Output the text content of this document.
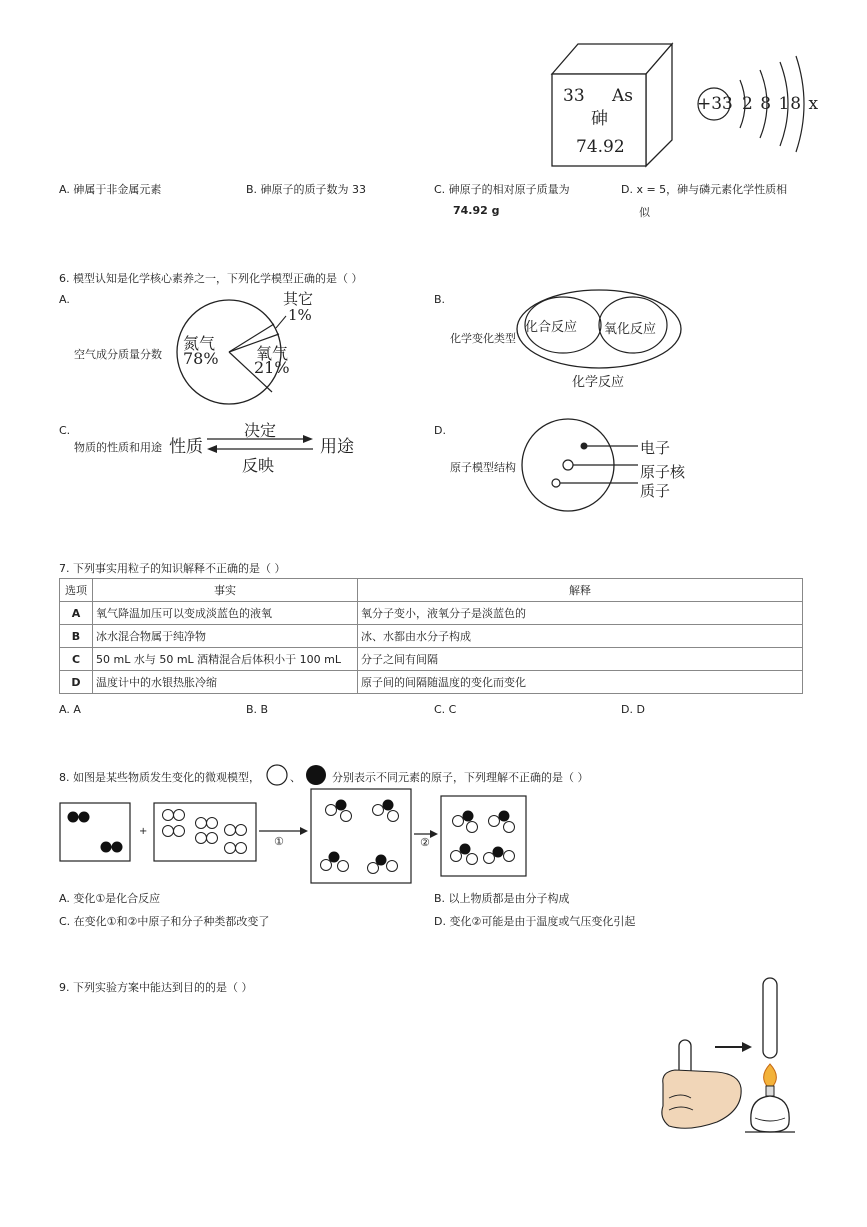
33 As
砷
74.92
+33 2 8 18 x
A. 砷属于非金属元素	B. 砷原子的质子数为 33	C. 砷原子的相对原子质量为
74.92 g
D. x = 5，砷与磷元素化学性质相
似
6. 模型认知是化学核心素养之一，下列化学模型正确的是（ ）
A.
空气成分质量分数
其它
1%
氮气
78% 氧气
21%
B.
化学变化类型
化合反应 氧化反应
化学反应
C.
物质的性质和用途 性质	用途
决定
反映
D.
原子模型结构
电子
原子核
质子
7. 下列事实用粒子的知识解释不正确的是（ ）
选项	事实	解释
A	氧气降温加压可以变成淡蓝色的液氧	氧分子变小，液氧分子是淡蓝色的
B	冰水混合物属于纯净物	冰、水都由水分子构成
C	50 mL 水与 50 mL 酒精混合后体积小于 100 mL	分子之间有间隔
D	温度计中的水银热胀冷缩	原子间的间隔随温度的变化而变化
A. A	B. B	C. C	D. D
8. 如图是某些物质发生变化的微观模型，	、	分别表示不同元素的原子，下列理解不正确的是（ ）
+
①	②
A. 变化①是化合反应	B. 以上物质都是由分子构成
C. 在变化①和②中原子和分子种类都改变了	D. 变化②可能是由于温度或气压变化引起
9. 下列实验方案中能达到目的的是（ ）
